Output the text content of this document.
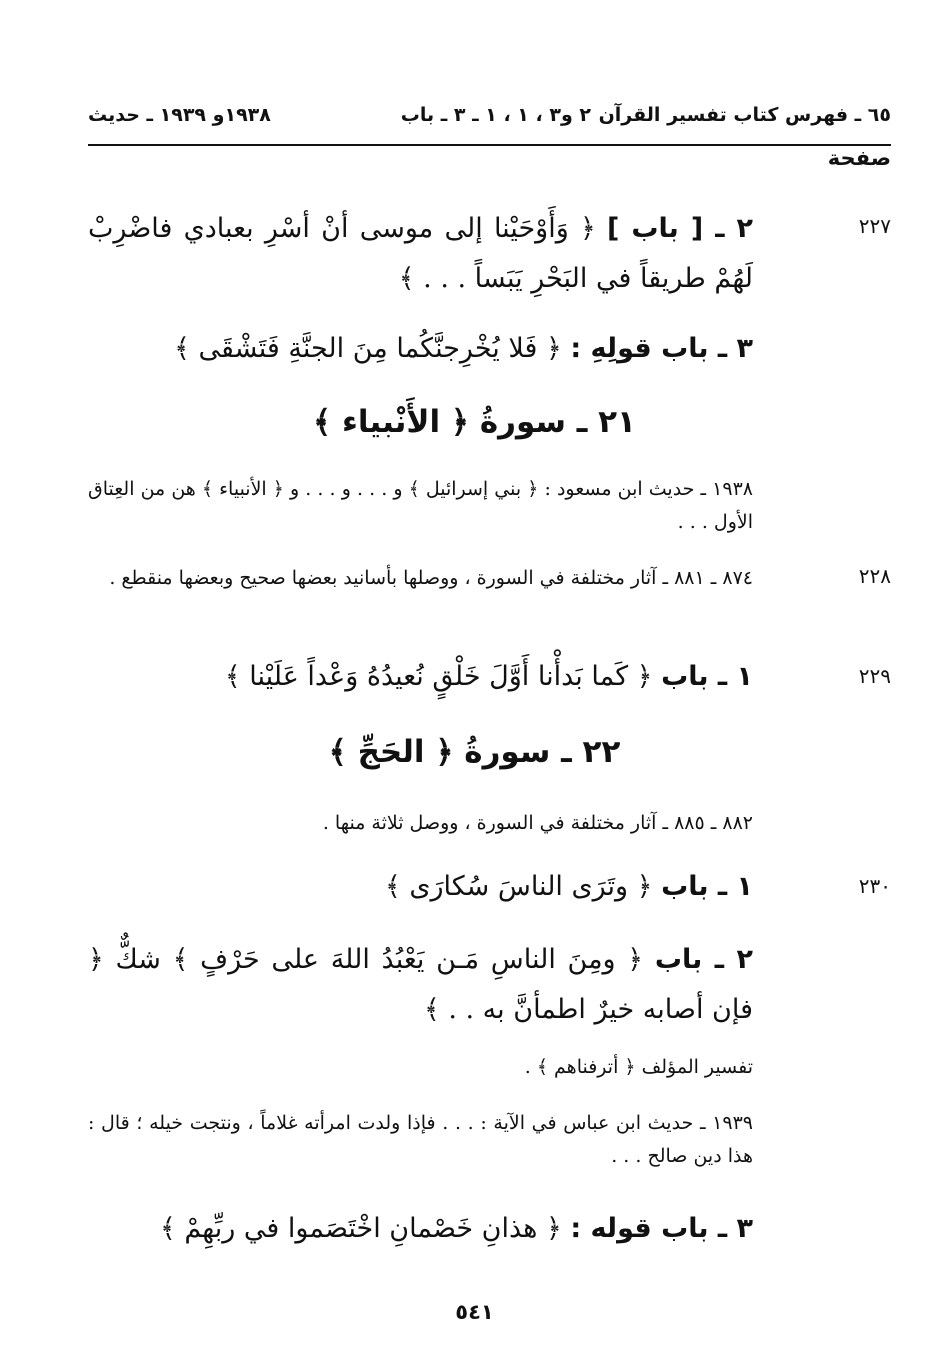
٦٥ ـ فهرس كتاب تفسير القرآن
٢ و٣ ، ١ ، ١ ـ ٣ ـ باب
١٩٣٨و ١٩٣٩ ـ حديث
صفحة
٢٢٧
٢ ـ [ باب ] ﴿ وَأَوْحَيْنا إلى موسى أنْ أسْرِ بعبادي فاضْرِبْ لَهُمْ طريقاً في البَحْرِ يَبَساً . . . ﴾
٣ ـ باب قولِهِ : ﴿ فَلا يُخْرِجنَّكُما مِنَ الجنَّةِ فَتَشْقَى ﴾
٢١ ـ سورةُ ﴿ الأَنْبياء ﴾
١٩٣٨ ـ حديث ابن مسعود : ﴿ بني إسرائيل ﴾ و . . . و . . . و ﴿ الأنبياء ﴾ هن من العِتاق الأول . . .
٢٢٨
٨٧٤ ـ ٨٨١ ـ آثار مختلفة في السورة ، ووصلها بأسانيد بعضها صحيح وبعضها منقطع .
٢٢٩
١ ـ باب ﴿ كَما بَدأْنا أَوَّلَ خَلْقٍ نُعيدُهُ وَعْداً عَلَيْنا ﴾
٢٢ ـ سورةُ ﴿ الحَجِّ ﴾
٨٨٢ ـ ٨٨٥ ـ آثار مختلفة في السورة ، ووصل ثلاثة منها .
٢٣٠
١ ـ باب ﴿ وتَرَى الناسَ سُكارَى ﴾
٢ ـ باب ﴿ ومِنَ الناسِ مَـن يَعْبُدُ اللهَ على حَرْفٍ ﴾ شكٌّ ﴿ فإن أصابه خيرٌ اطمأنَّ به . . ﴾
تفسير المؤلف ﴿ أترفناهم ﴾ .
١٩٣٩ ـ حديث ابن عباس في الآية : . . . فإذا ولدت امرأته غلاماً ، ونتجت خيله ؛ قال : هذا دين صالح . . .
٣ ـ باب قوله : ﴿ هذانِ خَصْمانِ اخْتَصَموا في ربِّهِمْ ﴾
٥٤١
